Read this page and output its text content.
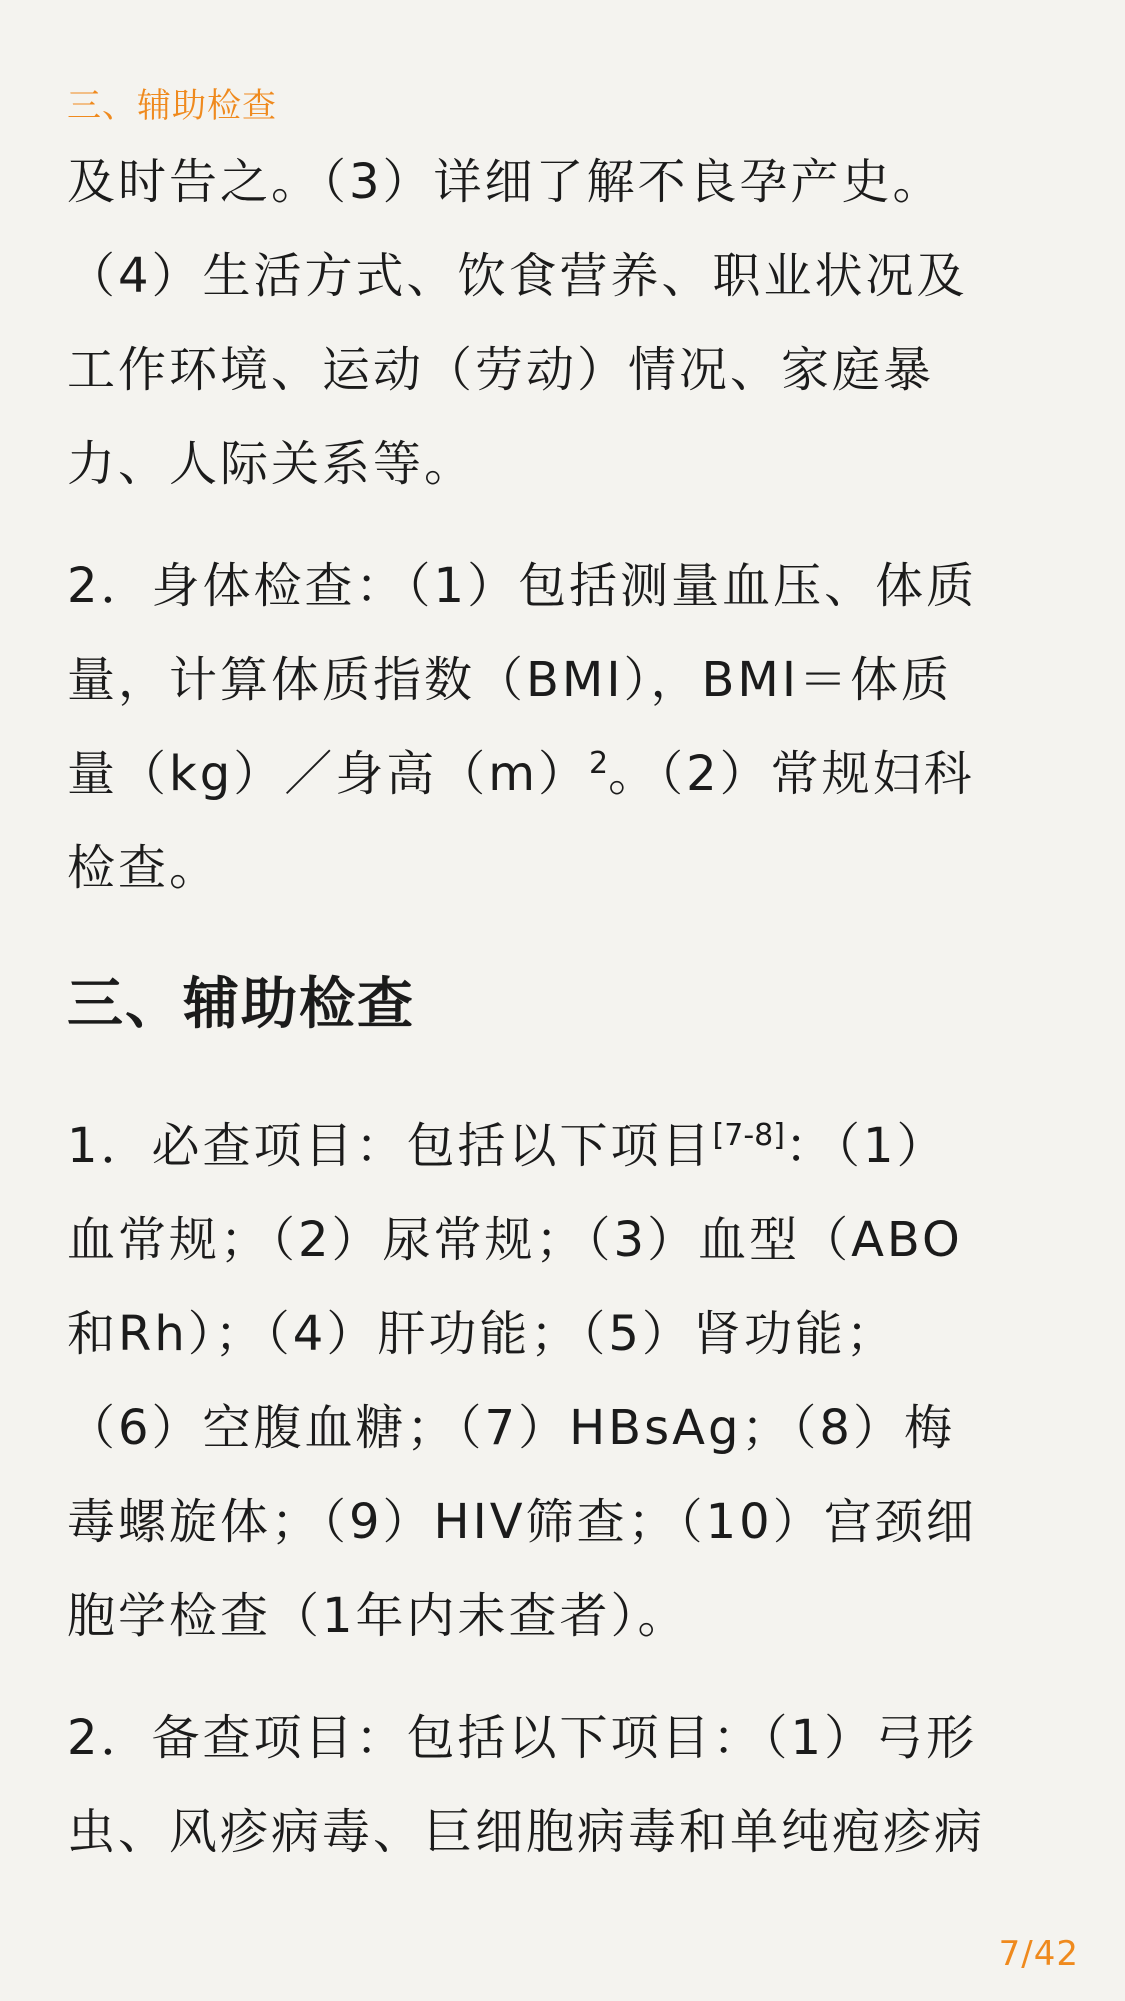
三、辅助检查

及时告之。（3）详细了解不良孕产史。
（4）生活方式、饮食营养、职业状况及
工作环境、运动（劳动）情况、家庭暴
力、人际关系等。

2．身体检查：（1）包括测量血压、体质
量，计算体质指数（BMI），BMI＝体质
量（kg）／身高$(m)^2$。（2）常规妇科
检查。

三、辅助检查

1．必查项目：包括以下项目[7-8]：（1）
血常规；（2）尿常规；（3）血型（ABO
和Rh）；（4）肝功能；（5）肾功能；
（6）空腹血糖；（7）HBsAg；（8）梅
毒螺旋体；（9）HIV筛查；（10）宫颈细
胞学检查（1年内未查者）。

2．备查项目：包括以下项目：（1）弓形
虫、风疹病毒、巨细胞病毒和单纯疱疹病

7/42
